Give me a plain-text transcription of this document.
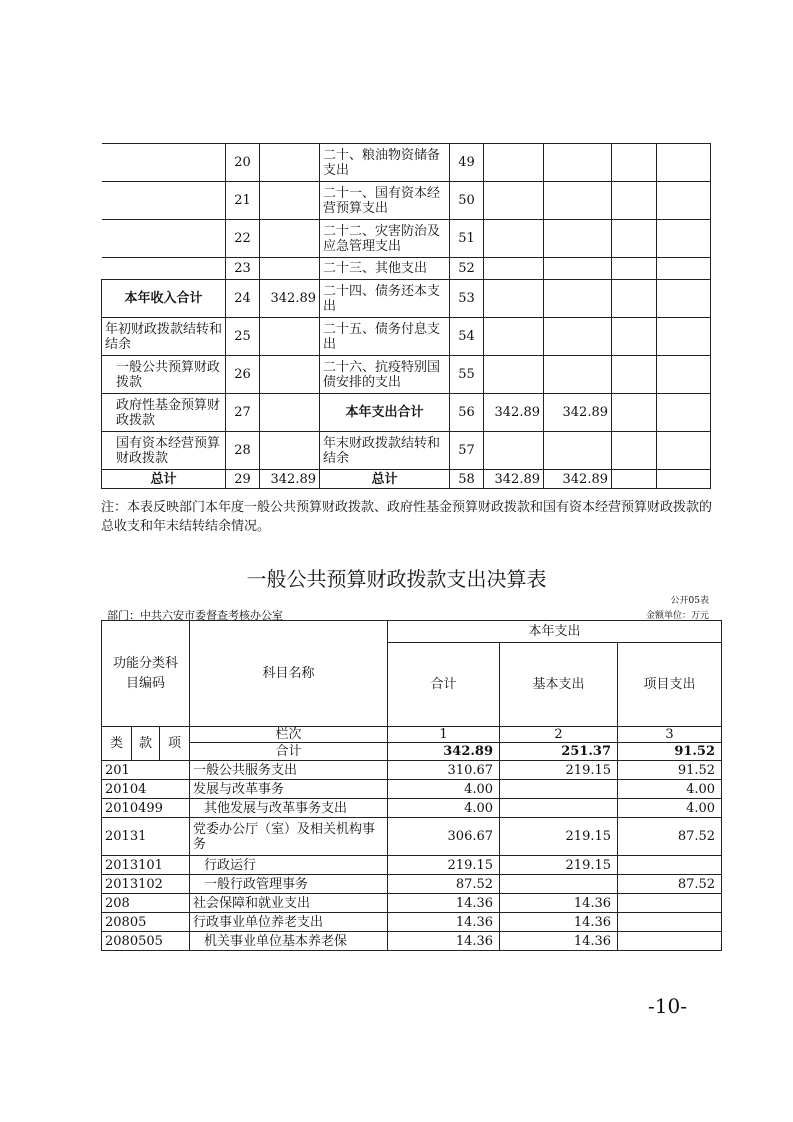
	20		二十、粮油物资储备支出	49				
	21		二十一、国有资本经营预算支出	50				
	22		二十二、灾害防治及应急管理支出	51				
	23		二十三、其他支出	52				
本年收入合计	24	342.89	二十四、债务还本支出	53				
年初财政拨款结转和结余	25		二十五、债务付息支出	54				
一般公共预算财政拨款	26		二十六、抗疫特别国债安排的支出	55				
政府性基金预算财政拨款	27		本年支出合计	56	342.89	342.89		
国有资本经营预算财政拨款	28		年末财政拨款结转和结余	57				
总计	29	342.89	总计	58	342.89	342.89		
注：本表反映部门本年度一般公共预算财政拨款、政府性基金预算财政拨款和国有资本经营预算财政拨款的总收支和年末结转结余情况。
一般公共预算财政拨款支出决算表
公开05表
部门：中共六安市委督查考核办公室	金额单位：万元
功能分类科目编码			科目名称	本年支出		
				合计	基本支出	项目支出
类	款	项	栏次	1	2	3
			合计	342.89	251.37	91.52
201			一般公共服务支出	310.67	219.15	91.52
20104			发展与改革事务	4.00		4.00
2010499			其他发展与改革事务支出	4.00		4.00
20131			党委办公厅（室）及相关机构事务	306.67	219.15	87.52
2013101			行政运行	219.15	219.15	
2013102			一般行政管理事务	87.52		87.52
208			社会保障和就业支出	14.36	14.36	
20805			行政事业单位养老支出	14.36	14.36	
2080505			机关事业单位基本养老保	14.36	14.36	
-10-
